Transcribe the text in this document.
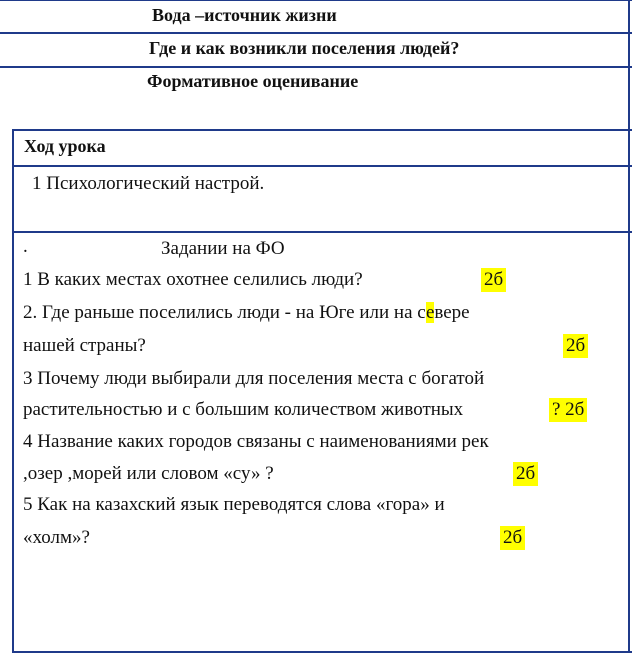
Вода –источник жизни
Где и как возникли поселения людей?
Формативное оценивание
Ход урока
1 Психологический настрой.
.	Задании на ФО
1 В каких местах охотнее селились люди?	2б
2. Где раньше поселились люди - на Юге или на севере
нашей страны?	2б
3 Почему люди выбирали для поселения места с богатой
растительностью и с большим количеством животных	? 2б
4 Название каких городов связаны с наименованиями рек
,озер ,морей или словом «су» ?	2б
5 Как на казахский язык переводятся слова «гора» и
«холм»?	2б
